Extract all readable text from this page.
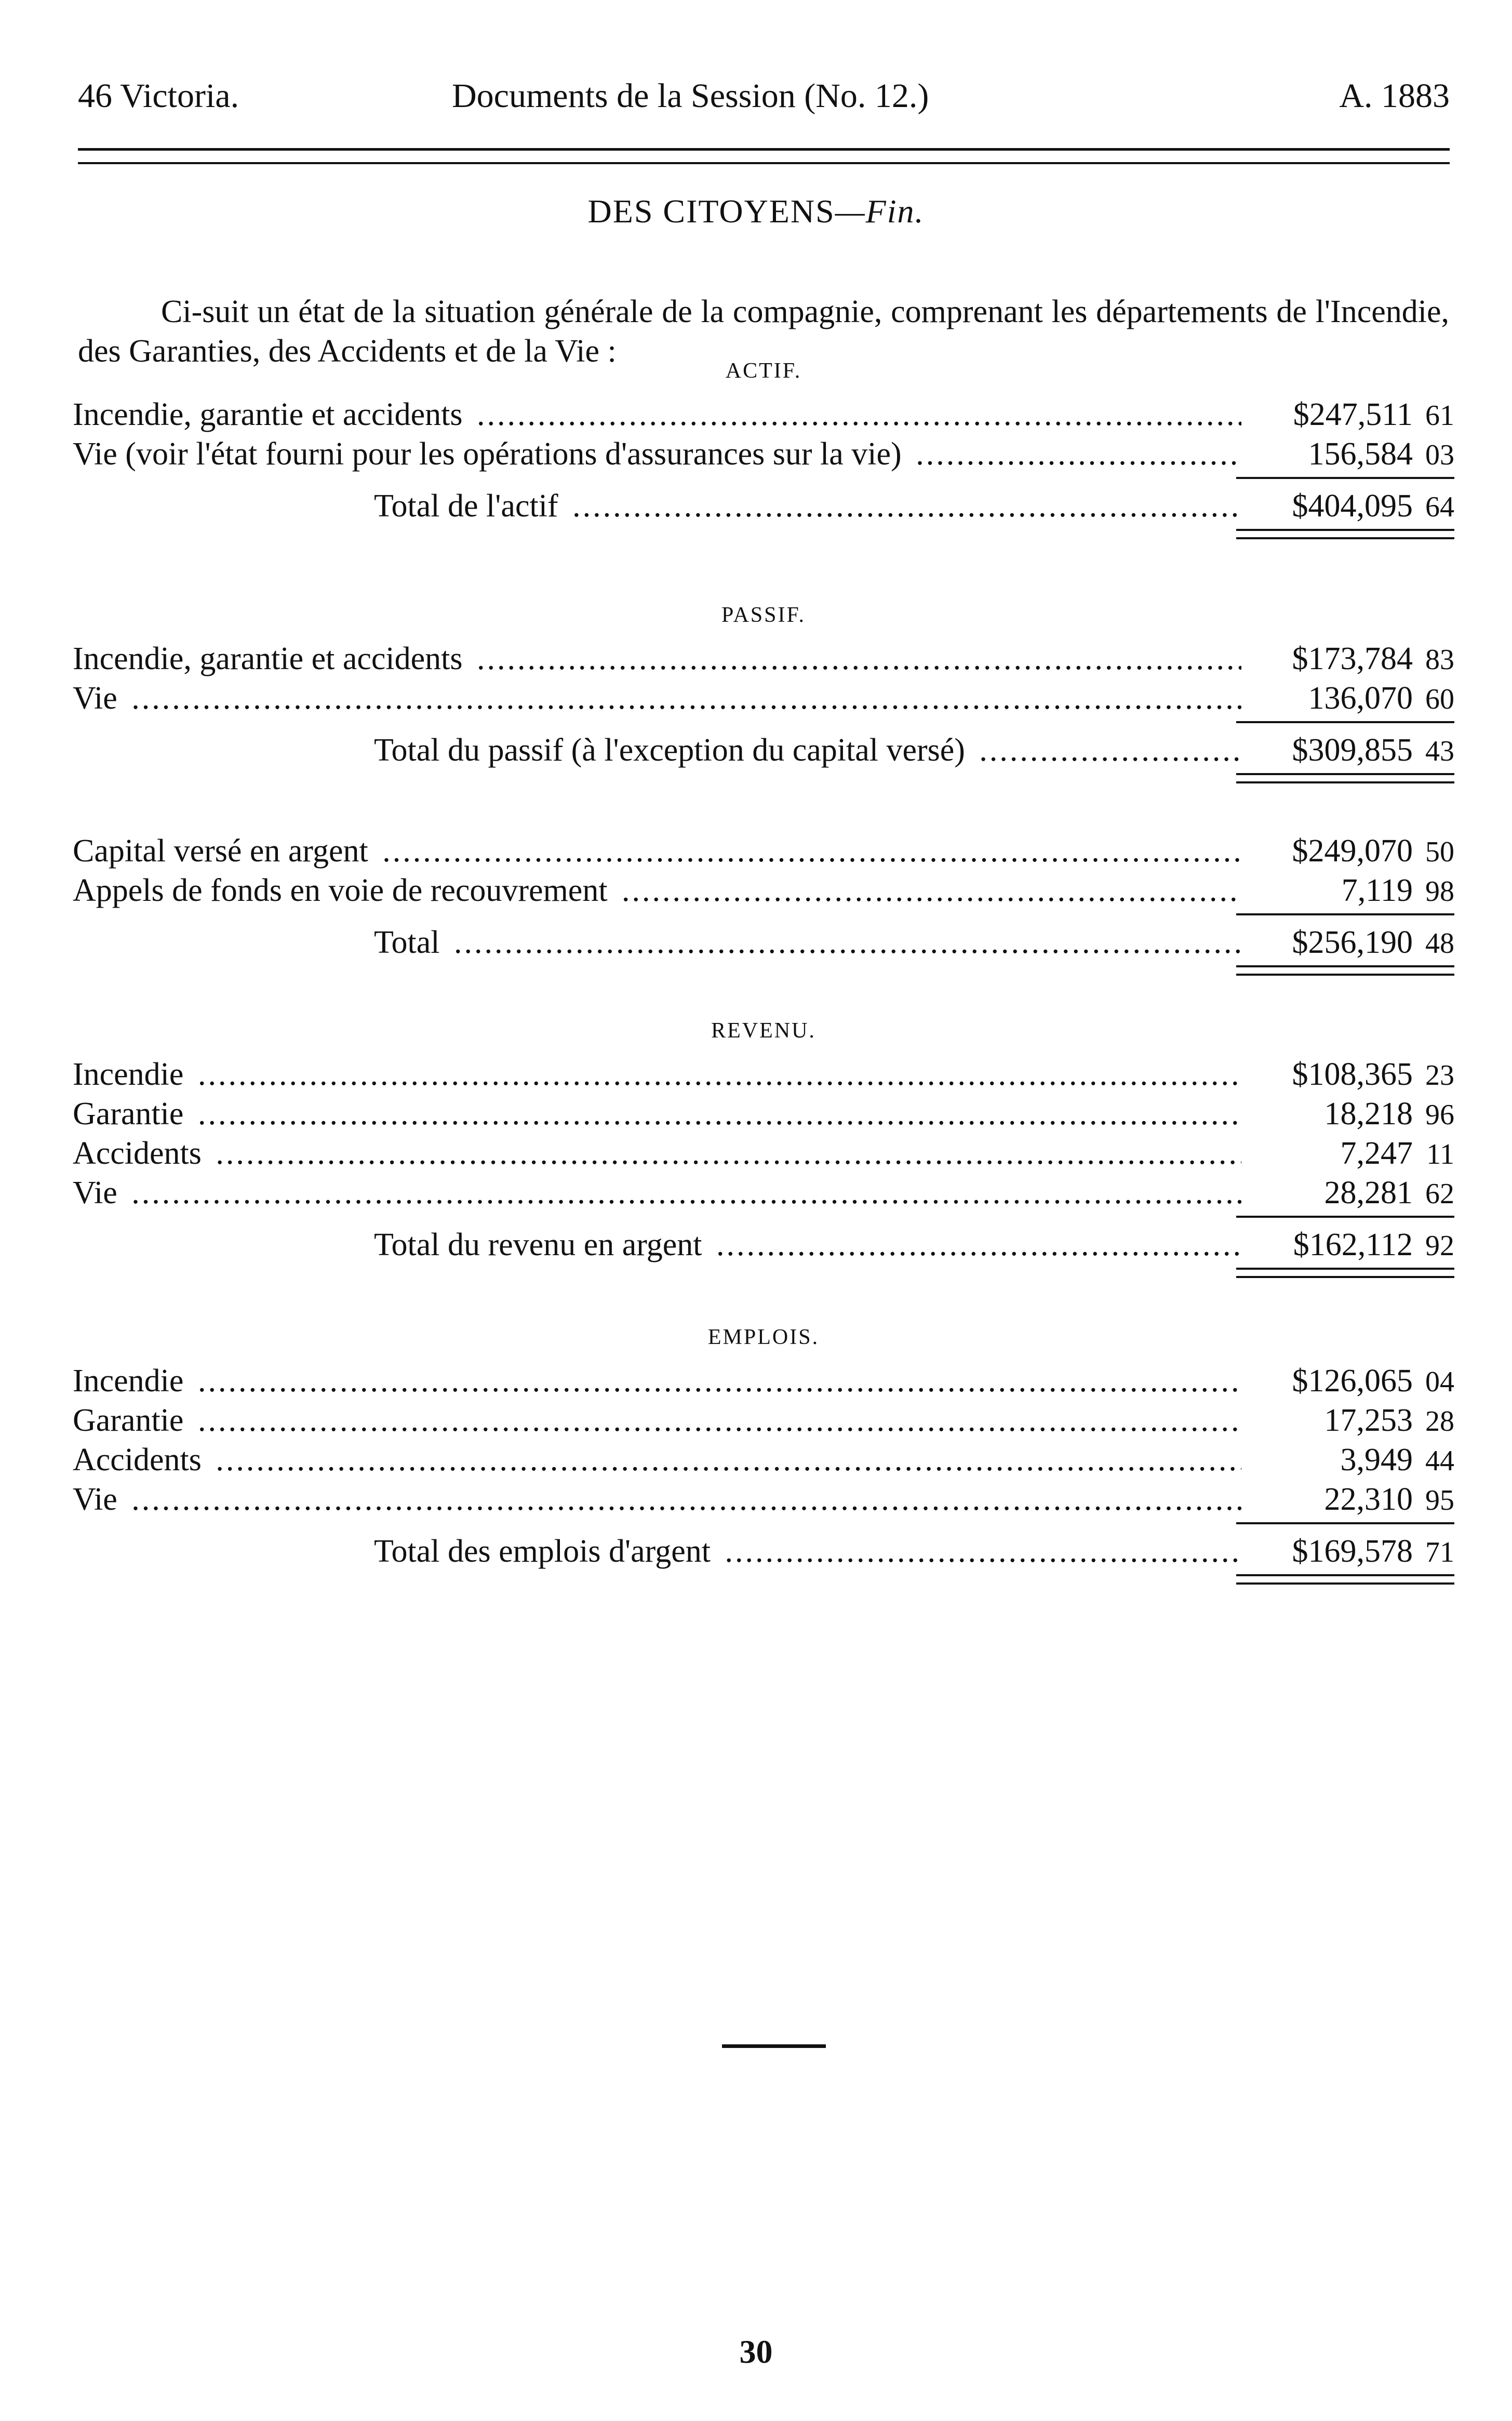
46 Victoria.	Documents de la Session (No. 12.)	A. 1883
DES CITOYENS—Fin.

Ci-suit un état de la situation générale de la compagnie, comprenant les départements de l'Incendie, des Garanties, des Accidents et de la Vie :

ACTIF.
Incendie, garantie et accidents .....	$247,511 61
Vie (voir l'état fourni pour les opérations d'assurances sur la vie) .....	156,584 03
Total de l'actif .....	$404,095 64
PASSIF.
Incendie, garantie et accidents .....	$173,784 83
Vie .....	136,070 60
Total du passif (à l'exception du capital versé) .....	$309,855 43
Capital versé en argent .....	$249,070 50
Appels de fonds en voie de recouvrement .....	7,119 98
Total .....	$256,190 48
REVENU.
Incendie .....	$108,365 23
Garantie .....	18,218 96
Accidents .....	7,247 11
Vie .....	28,281 62
Total du revenu en argent .....	$162,112 92
EMPLOIS.
Incendie .....	$126,065 04
Garantie .....	17,253 28
Accidents .....	3,949 44
Vie .....	22,310 95
Total des emplois d'argent .....	$169,578 71
30
